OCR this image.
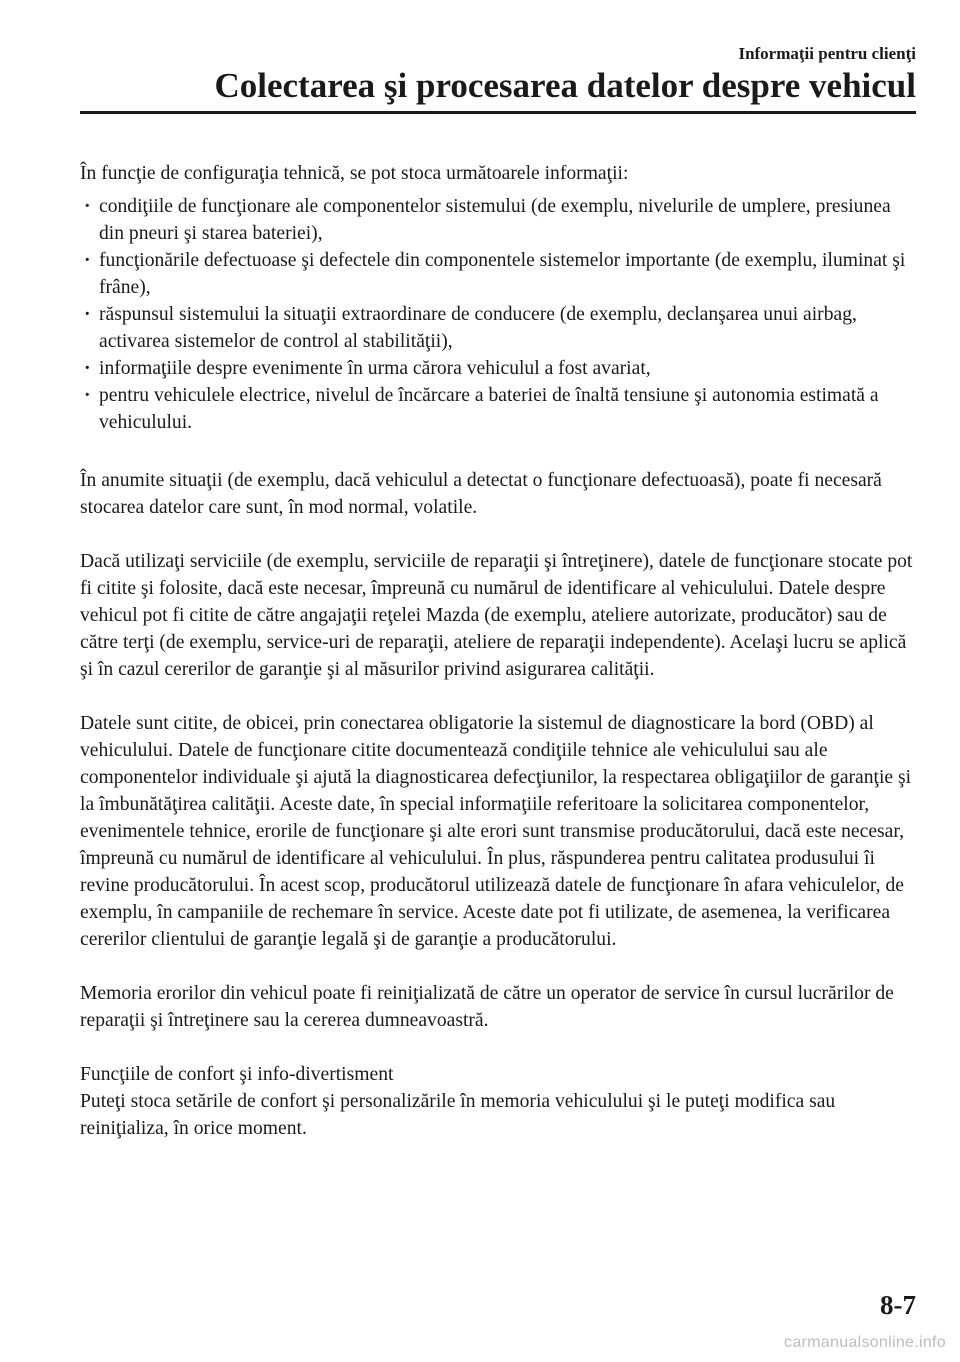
Informaţii pentru clienţi
Colectarea şi procesarea datelor despre vehicul

În funcţie de configuraţia tehnică, se pot stoca următoarele informaţii:

· condiţiile de funcţionare ale componentelor sistemului (de exemplu, nivelurile de umplere, presiunea din pneuri şi starea bateriei),
· funcţionările defectuoase şi defectele din componentele sistemelor importante (de exemplu, iluminat şi frâne),
· răspunsul sistemului la situaţii extraordinare de conducere (de exemplu, declanşarea unui airbag, activarea sistemelor de control al stabilităţii),
· informaţiile despre evenimente în urma cărora vehiculul a fost avariat,
· pentru vehiculele electrice, nivelul de încărcare a bateriei de înaltă tensiune şi autonomia estimată a vehiculului.

În anumite situaţii (de exemplu, dacă vehiculul a detectat o funcţionare defectuoasă), poate fi necesară stocarea datelor care sunt, în mod normal, volatile.

Dacă utilizaţi serviciile (de exemplu, serviciile de reparaţii şi întreţinere), datele de funcţionare stocate pot fi citite şi folosite, dacă este necesar, împreună cu numărul de identificare al vehiculului. Datele despre vehicul pot fi citite de către angajaţii reţelei Mazda (de exemplu, ateliere autorizate, producător) sau de către terţi (de exemplu, service-uri de reparaţii, ateliere de reparaţii independente). Acelaşi lucru se aplică şi în cazul cererilor de garanţie şi al măsurilor privind asigurarea calităţii.

Datele sunt citite, de obicei, prin conectarea obligatorie la sistemul de diagnosticare la bord (OBD) al vehiculului. Datele de funcţionare citite documentează condiţiile tehnice ale vehiculului sau ale componentelor individuale şi ajută la diagnosticarea defecţiunilor, la respectarea obligaţiilor de garanţie şi la îmbunătăţirea calităţii. Aceste date, în special informaţiile referitoare la solicitarea componentelor, evenimentele tehnice, erorile de funcţionare şi alte erori sunt transmise producătorului, dacă este necesar, împreună cu numărul de identificare al vehiculului. În plus, răspunderea pentru calitatea produsului îi revine producătorului. În acest scop, producătorul utilizează datele de funcţionare în afara vehiculelor, de exemplu, în campaniile de rechemare în service. Aceste date pot fi utilizate, de asemenea, la verificarea cererilor clientului de garanţie legală şi de garanţie a producătorului.

Memoria erorilor din vehicul poate fi reiniţializată de către un operator de service în cursul lucrărilor de reparaţii şi întreţinere sau la cererea dumneavoastră.

Funcţiile de confort şi info-divertisment

Puteţi stoca setările de confort şi personalizările în memoria vehiculului şi le puteţi modifica sau reiniţializa, în orice moment.

8-7
carmanualsonline.info
